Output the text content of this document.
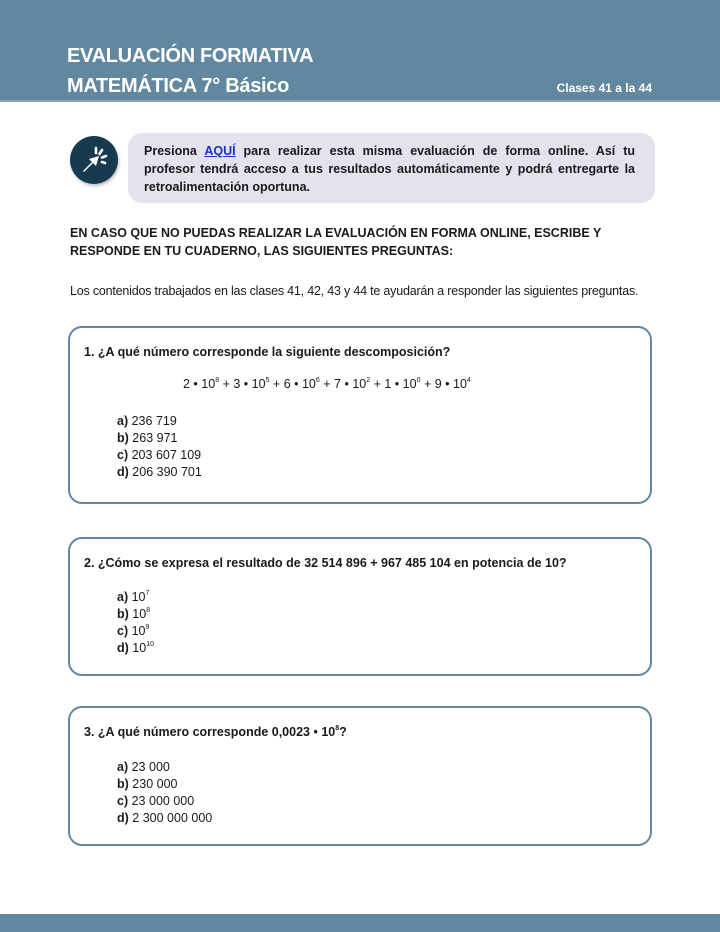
EVALUACIÓN FORMATIVA
MATEMÁTICA 7° Básico	Clases 41 a la 44
Presiona AQUÍ para realizar esta misma evaluación de forma online. Así tu profesor tendrá acceso a tus resultados automáticamente y podrá entregarte la retroalimentación oportuna.
EN CASO QUE NO PUEDAS REALIZAR LA EVALUACIÓN EN FORMA ONLINE, ESCRIBE Y RESPONDE EN TU CUADERNO, LAS SIGUIENTES PREGUNTAS:
Los contenidos trabajados en las clases 41, 42, 43 y 44 te ayudarán a responder las siguientes preguntas.
1. ¿A qué número corresponde la siguiente descomposición?
2 • $10^8 + 3$ • $10^5 + 6$ • $10^6 + 7$ • $10^2 + 1$ • $10^0 + 9$ • $10^4$
a) 236 719
b) 263 971
c) 203 607 109
d) 206 390 701
2. ¿Cómo se expresa el resultado de 32 514 896 + 967 485 104 en potencia de 10?
a) $10^7$
b) $10^8$
c) $10^9$
d) $10^{10}$
3. ¿A qué número corresponde 0,0023 • $10^8$?
a) 23 000
b) 230 000
c) 23 000 000
d) 2 300 000 000
